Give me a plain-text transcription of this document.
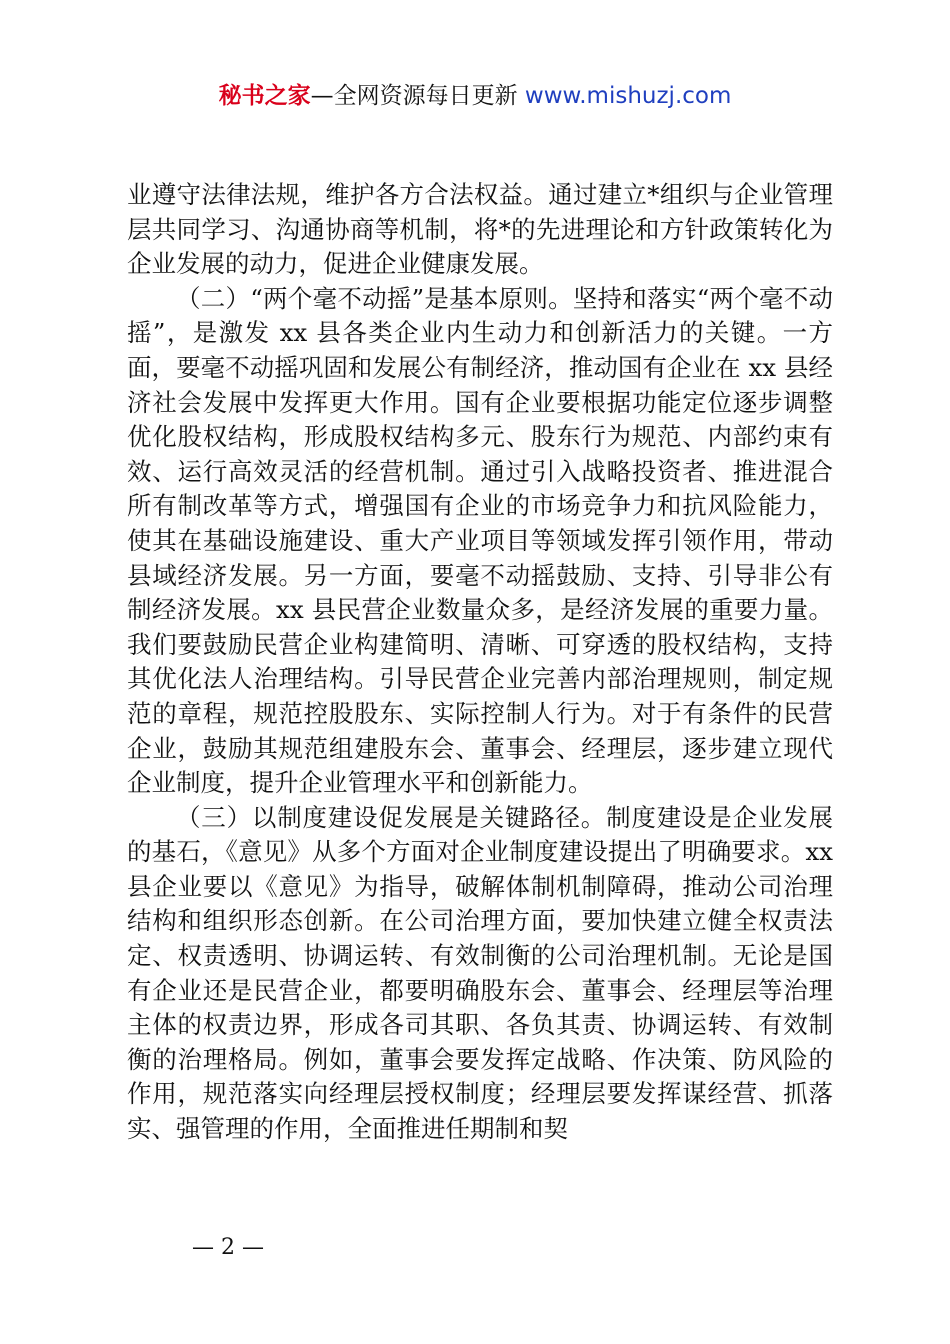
秘书之家—全网资源每日更新 www.mishuzj.com

业遵守法律法规，维护各方合法权益。通过建立*组织与企业管理层共同学习、沟通协商等机制，将*的先进理论和方针政策转化为企业发展的动力，促进企业健康发展。

（二）“两个毫不动摇”是基本原则。坚持和落实“两个毫不动摇”，是激发 xx 县各类企业内生动力和创新活力的关键。一方面，要毫不动摇巩固和发展公有制经济，推动国有企业在 xx 县经济社会发展中发挥更大作用。国有企业要根据功能定位逐步调整优化股权结构，形成股权结构多元、股东行为规范、内部约束有效、运行高效灵活的经营机制。通过引入战略投资者、推进混合所有制改革等方式，增强国有企业的市场竞争力和抗风险能力，使其在基础设施建设、重大产业项目等领域发挥引领作用，带动县域经济发展。另一方面，要毫不动摇鼓励、支持、引导非公有制经济发展。xx 县民营企业数量众多，是经济发展的重要力量。我们要鼓励民营企业构建简明、清晰、可穿透的股权结构，支持其优化法人治理结构。引导民营企业完善内部治理规则，制定规范的章程，规范控股股东、实际控制人行为。对于有条件的民营企业，鼓励其规范组建股东会、董事会、经理层，逐步建立现代企业制度，提升企业管理水平和创新能力。

（三）以制度建设促发展是关键路径。制度建设是企业发展的基石，《意见》从多个方面对企业制度建设提出了明确要求。xx 县企业要以《意见》为指导，破解体制机制障碍，推动公司治理结构和组织形态创新。在公司治理方面，要加快建立健全权责法定、权责透明、协调运转、有效制衡的公司治理机制。无论是国有企业还是民营企业，都要明确股东会、董事会、经理层等治理主体的权责边界，形成各司其职、各负其责、协调运转、有效制衡的治理格局。例如，董事会要发挥定战略、作决策、防风险的作用，规范落实向经理层授权制度；经理层要发挥谋经营、抓落实、强管理的作用，全面推进任期制和契

— 2 —
